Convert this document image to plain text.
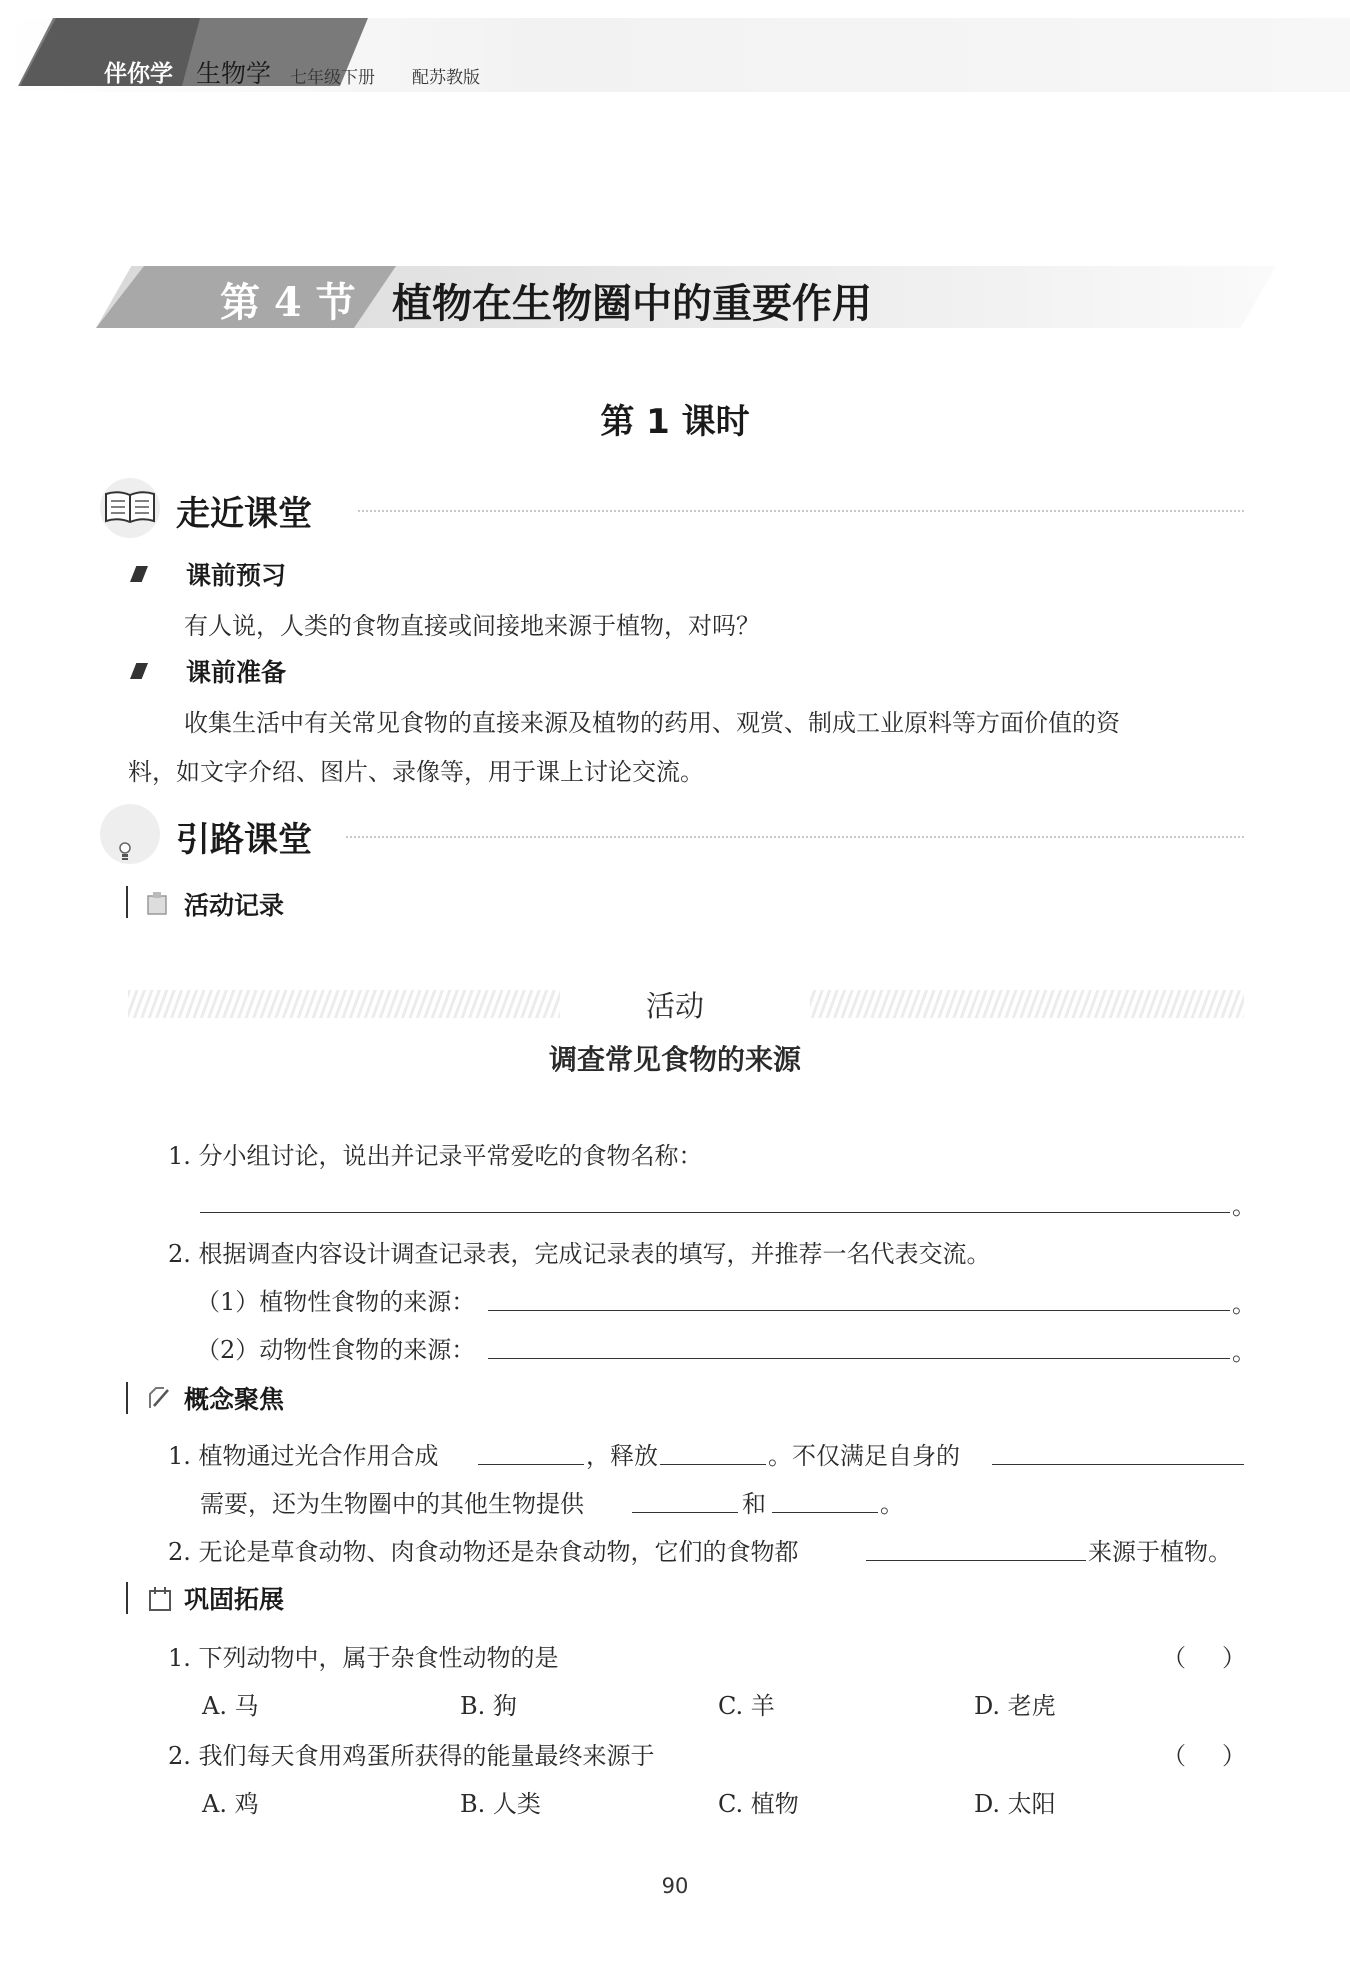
伴你学 生物学 七年级下册 配苏教版
第 4 节 植物在生物圈中的重要作用
第 1 课时
走近课堂
课前预习
有人说，人类的食物直接或间接地来源于植物，对吗？
课前准备
收集生活中有关常见食物的直接来源及植物的药用、观赏、制成工业原料等方面价值的资
料，如文字介绍、图片、录像等，用于课上讨论交流。
引路课堂
活动记录
活动
调查常见食物的来源
1. 分小组讨论，说出并记录平常爱吃的食物名称：
。
2. 根据调查内容设计调查记录表，完成记录表的填写，并推荐一名代表交流。
（1）植物性食物的来源：	。
（2）动物性食物的来源：	。
概念聚焦
1. 植物通过光合作用合成	，释放	。不仅满足自身的
需要，还为生物圈中的其他生物提供	和	。
2. 无论是草食动物、肉食动物还是杂食动物，它们的食物都	来源于植物。
巩固拓展
1. 下列动物中，属于杂食性动物的是	（ ）
A. 马	B. 狗	C. 羊	D. 老虎
2. 我们每天食用鸡蛋所获得的能量最终来源于	（ ）
A. 鸡	B. 人类	C. 植物	D. 太阳
90
